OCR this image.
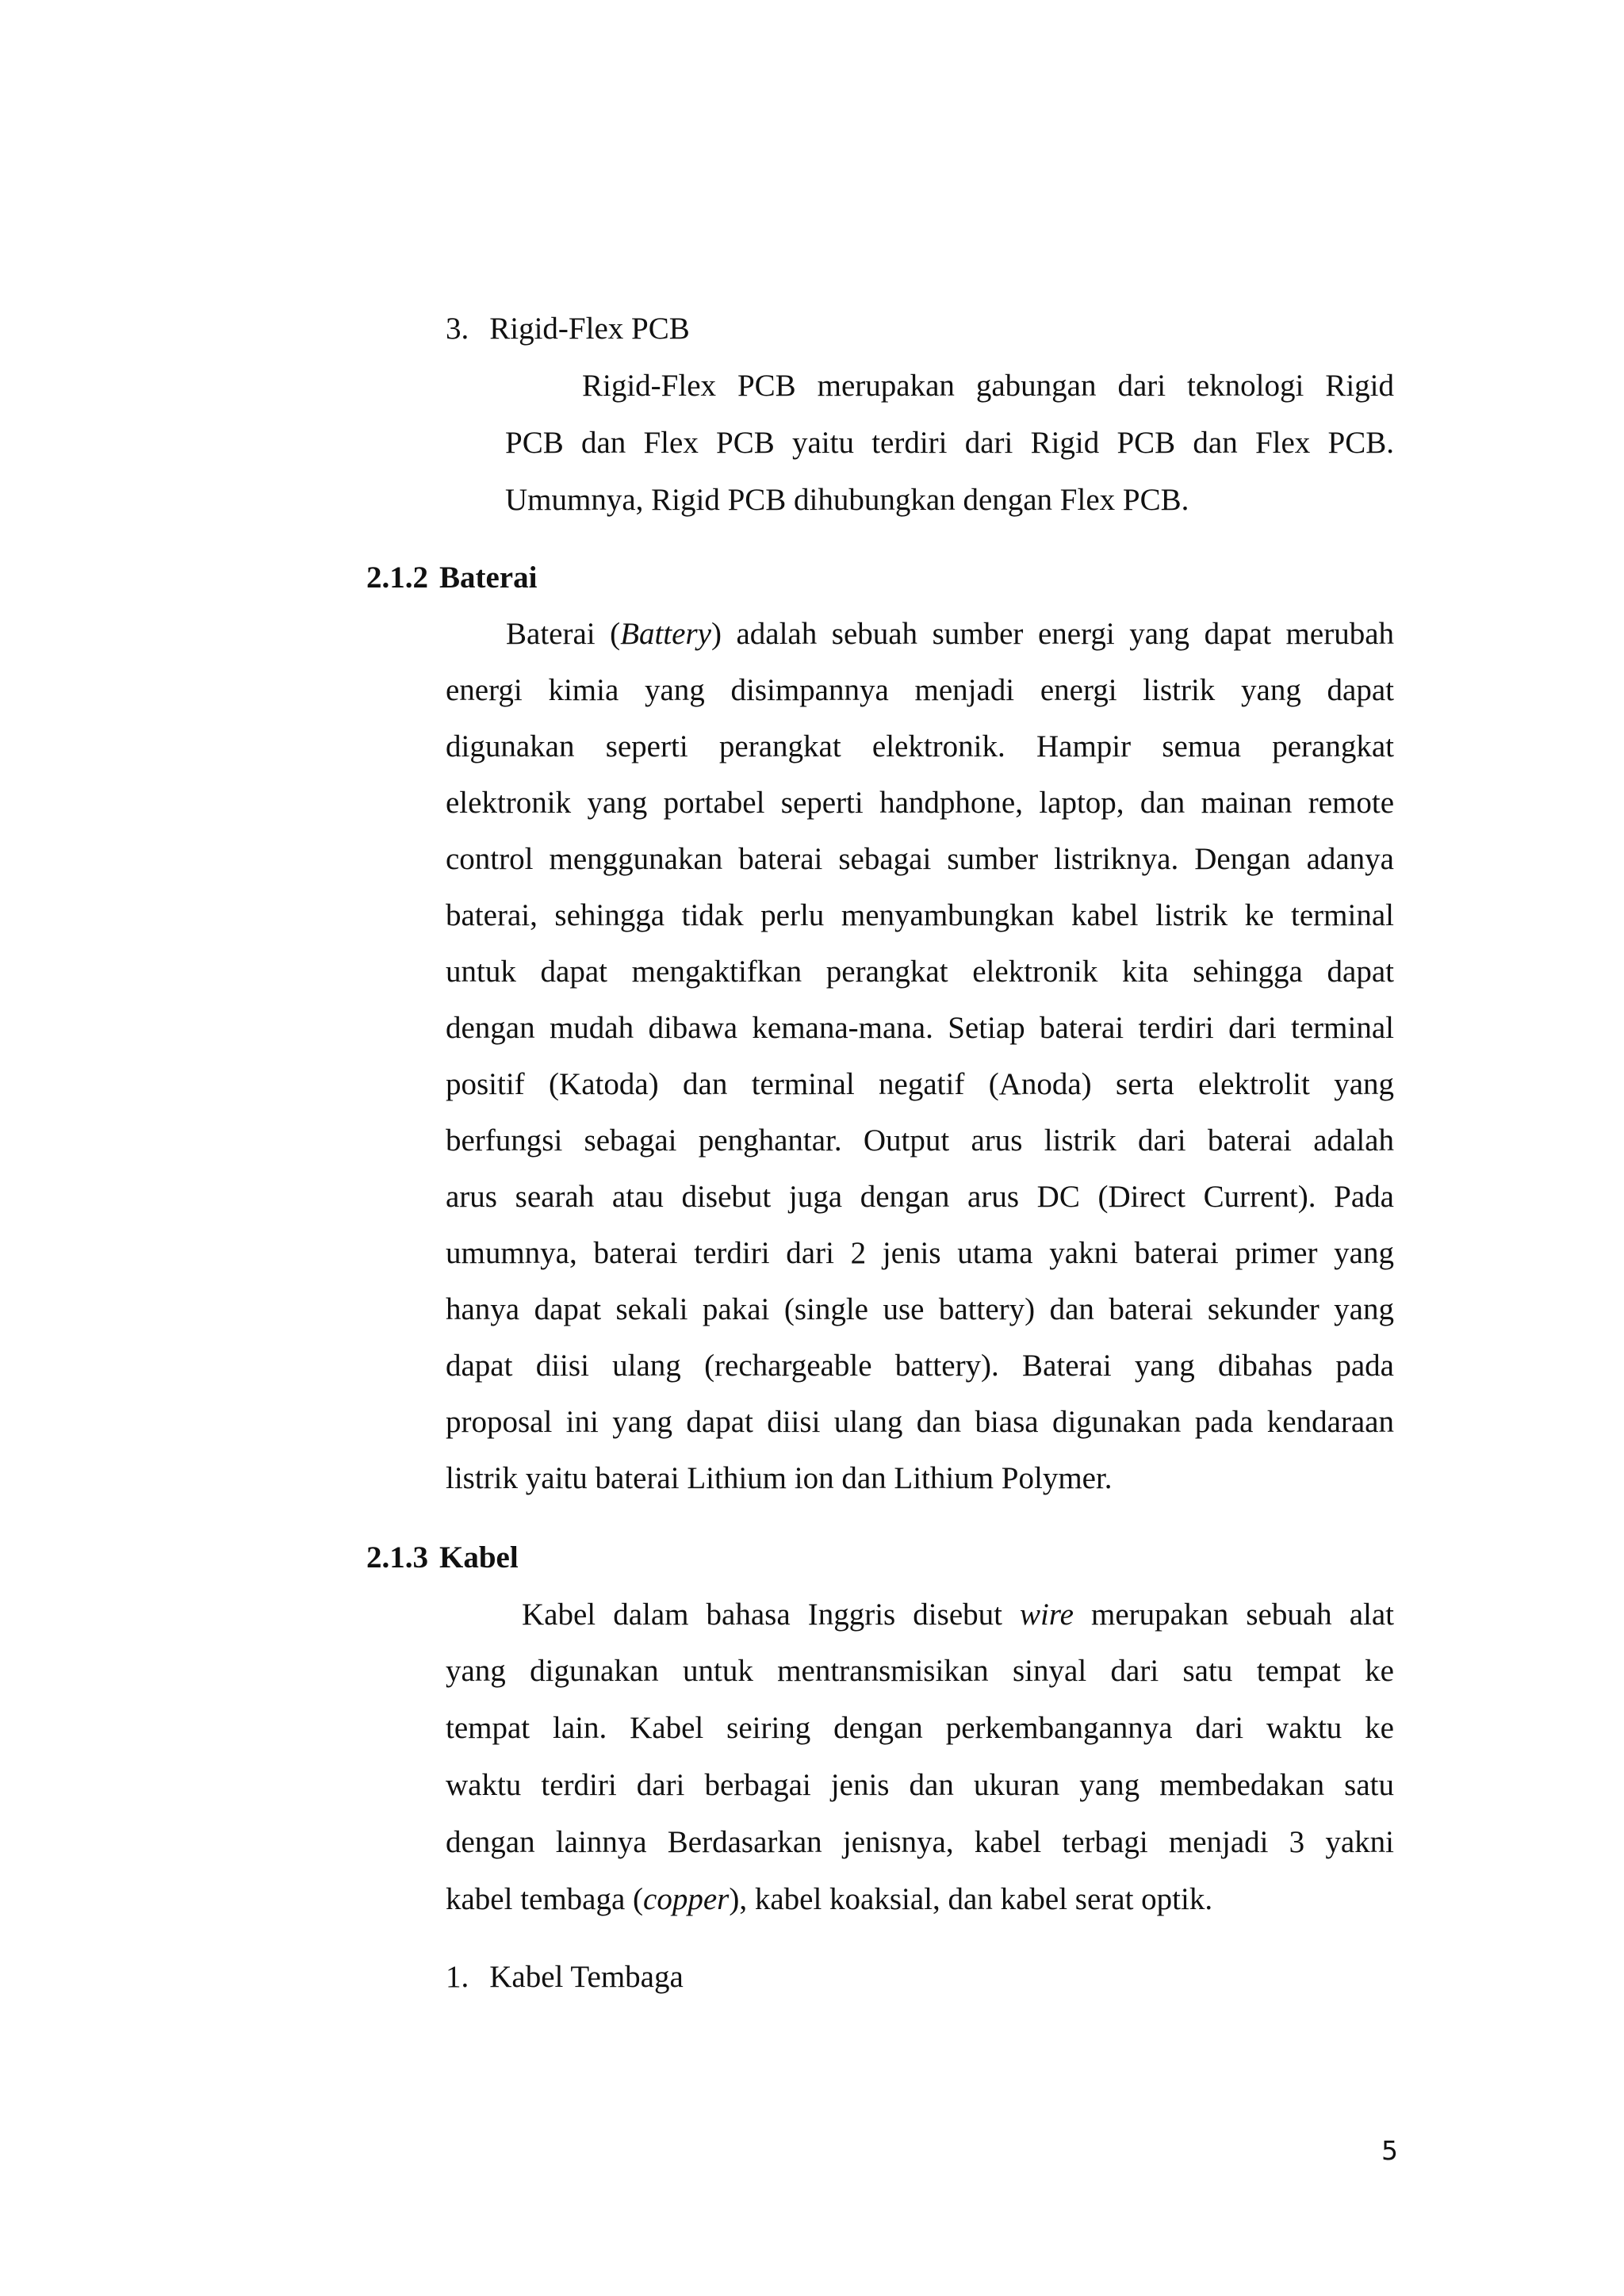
3. Rigid-Flex PCB
Rigid-Flex PCB merupakan gabungan dari teknologi Rigid
PCB dan Flex PCB yaitu terdiri dari Rigid PCB dan Flex PCB.
Umumnya, Rigid PCB dihubungkan dengan Flex PCB.
2.1.2 Baterai
Baterai (Battery) adalah sebuah sumber energi yang dapat merubah
energi kimia yang disimpannya menjadi energi listrik yang dapat
digunakan seperti perangkat elektronik. Hampir semua perangkat
elektronik yang portabel seperti handphone, laptop, dan mainan remote
control menggunakan baterai sebagai sumber listriknya. Dengan adanya
baterai, sehingga tidak perlu menyambungkan kabel listrik ke terminal
untuk dapat mengaktifkan perangkat elektronik kita sehingga dapat
dengan mudah dibawa kemana-mana. Setiap baterai terdiri dari terminal
positif (Katoda) dan terminal negatif (Anoda) serta elektrolit yang
berfungsi sebagai penghantar. Output arus listrik dari baterai adalah
arus searah atau disebut juga dengan arus DC (Direct Current). Pada
umumnya, baterai terdiri dari 2 jenis utama yakni baterai primer yang
hanya dapat sekali pakai (single use battery) dan baterai sekunder yang
dapat diisi ulang (rechargeable battery). Baterai yang dibahas pada
proposal ini yang dapat diisi ulang dan biasa digunakan pada kendaraan
listrik yaitu baterai Lithium ion dan Lithium Polymer.
2.1.3 Kabel
Kabel dalam bahasa Inggris disebut wire merupakan sebuah alat
yang digunakan untuk mentransmisikan sinyal dari satu tempat ke
tempat lain. Kabel seiring dengan perkembangannya dari waktu ke
waktu terdiri dari berbagai jenis dan ukuran yang membedakan satu
dengan lainnya Berdasarkan jenisnya, kabel terbagi menjadi 3 yakni
kabel tembaga (copper), kabel koaksial, dan kabel serat optik.
1. Kabel Tembaga
5
